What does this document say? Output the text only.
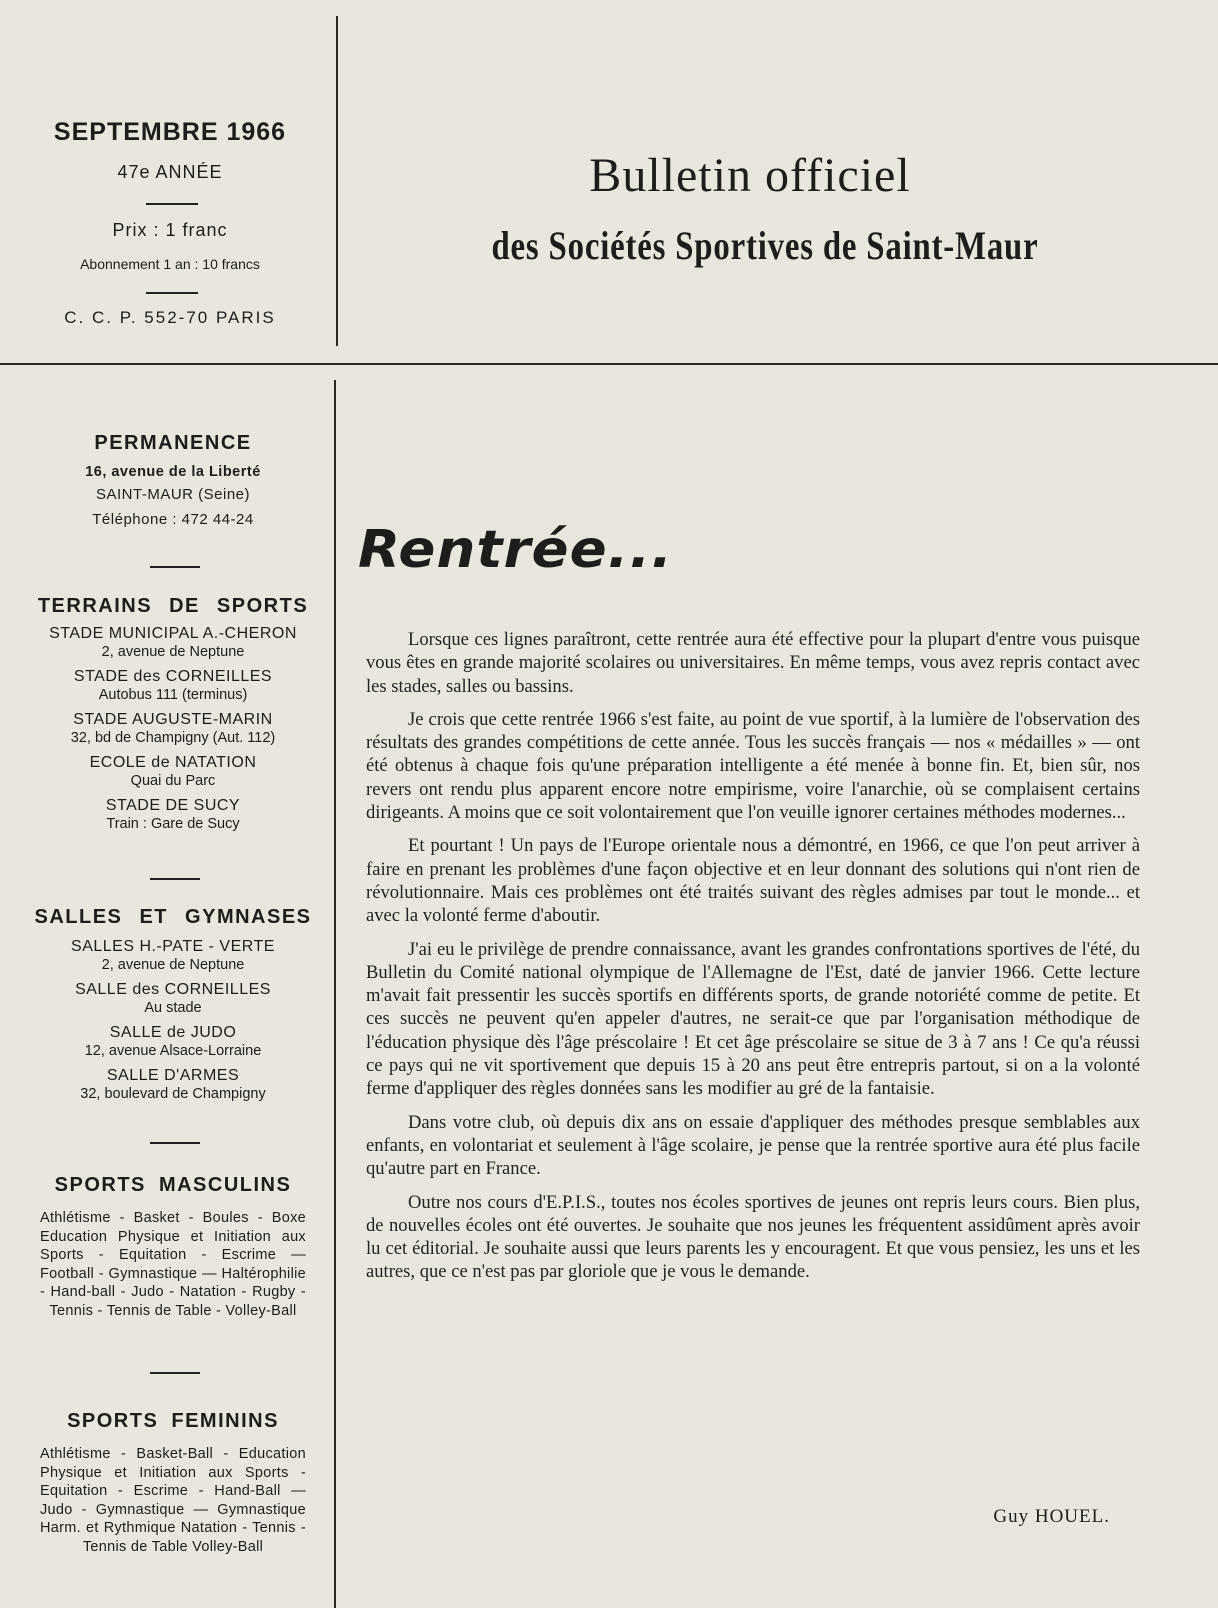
SEPTEMBRE 1966
47e ANNÉE
Prix : 1 franc
Abonnement 1 an : 10 francs
C. C. P. 552-70 PARIS
Bulletin officiel
des Sociétés Sportives de Saint-Maur
PERMANENCE
16, avenue de la Liberté
SAINT-MAUR (Seine)
Téléphone : 472 44-24
TERRAINS DE SPORTS
STADE MUNICIPAL A.-CHERON
2, avenue de Neptune
STADE des CORNEILLES
Autobus 111 (terminus)
STADE AUGUSTE-MARIN
32, bd de Champigny (Aut. 112)
ECOLE de NATATION
Quai du Parc
STADE DE SUCY
Train : Gare de Sucy
SALLES ET GYMNASES
SALLES H.-PATE - VERTE
2, avenue de Neptune
SALLE des CORNEILLES
Au stade
SALLE de JUDO
12, avenue Alsace-Lorraine
SALLE D'ARMES
32, boulevard de Champigny
SPORTS MASCULINS
Athlétisme - Basket - Boules - Boxe Education Physique et Initiation aux Sports - Equitation - Escrime — Football - Gymnastique — Haltérophilie - Hand-ball - Judo - Natation - Rugby - Tennis - Tennis de Table - Volley-Ball
SPORTS FEMININS
Athlétisme - Basket-Ball - Education Physique et Initiation aux Sports - Equitation - Escrime - Hand-Ball — Judo - Gymnastique — Gymnastique Harm. et Rythmique Natation - Tennis - Tennis de Table Volley-Ball
Rentrée...

Lorsque ces lignes paraîtront, cette rentrée aura été effective pour la plupart d'entre vous puisque vous êtes en grande majorité scolaires ou universitaires. En même temps, vous avez repris contact avec les stades, salles ou bassins.

Je crois que cette rentrée 1966 s'est faite, au point de vue sportif, à la lumière de l'observation des résultats des grandes compétitions de cette année. Tous les succès français — nos « médailles » — ont été obtenus à chaque fois qu'une préparation intelligente a été menée à bonne fin. Et, bien sûr, nos revers ont rendu plus apparent encore notre empirisme, voire l'anarchie, où se complaisent certains dirigeants. A moins que ce soit volontairement que l'on veuille ignorer certaines méthodes modernes...

Et pourtant ! Un pays de l'Europe orientale nous a démontré, en 1966, ce que l'on peut arriver à faire en prenant les problèmes d'une façon objective et en leur donnant des solutions qui n'ont rien de révolutionnaire. Mais ces problèmes ont été traités suivant des règles admises par tout le monde... et avec la volonté ferme d'aboutir.

J'ai eu le privilège de prendre connaissance, avant les grandes confrontations sportives de l'été, du Bulletin du Comité national olympique de l'Allemagne de l'Est, daté de janvier 1966. Cette lecture m'avait fait pressentir les succès sportifs en différents sports, de grande notoriété comme de petite. Et ces succès ne peuvent qu'en appeler d'autres, ne serait-ce que par l'organisation méthodique de l'éducation physique dès l'âge préscolaire ! Et cet âge préscolaire se situe de 3 à 7 ans ! Ce qu'a réussi ce pays qui ne vit sportivement que depuis 15 à 20 ans peut être entrepris partout, si on a la volonté ferme d'appliquer des règles données sans les modifier au gré de la fantaisie.

Dans votre club, où depuis dix ans on essaie d'appliquer des méthodes presque semblables aux enfants, en volontariat et seulement à l'âge scolaire, je pense que la rentrée sportive aura été plus facile qu'autre part en France.

Outre nos cours d'E.P.I.S., toutes nos écoles sportives de jeunes ont repris leurs cours. Bien plus, de nouvelles écoles ont été ouvertes. Je souhaite que nos jeunes les fréquentent assidûment après avoir lu cet éditorial. Je souhaite aussi que leurs parents les y encouragent. Et que vous pensiez, les uns et les autres, que ce n'est pas par gloriole que je vous le demande.

Guy HOUEL.
